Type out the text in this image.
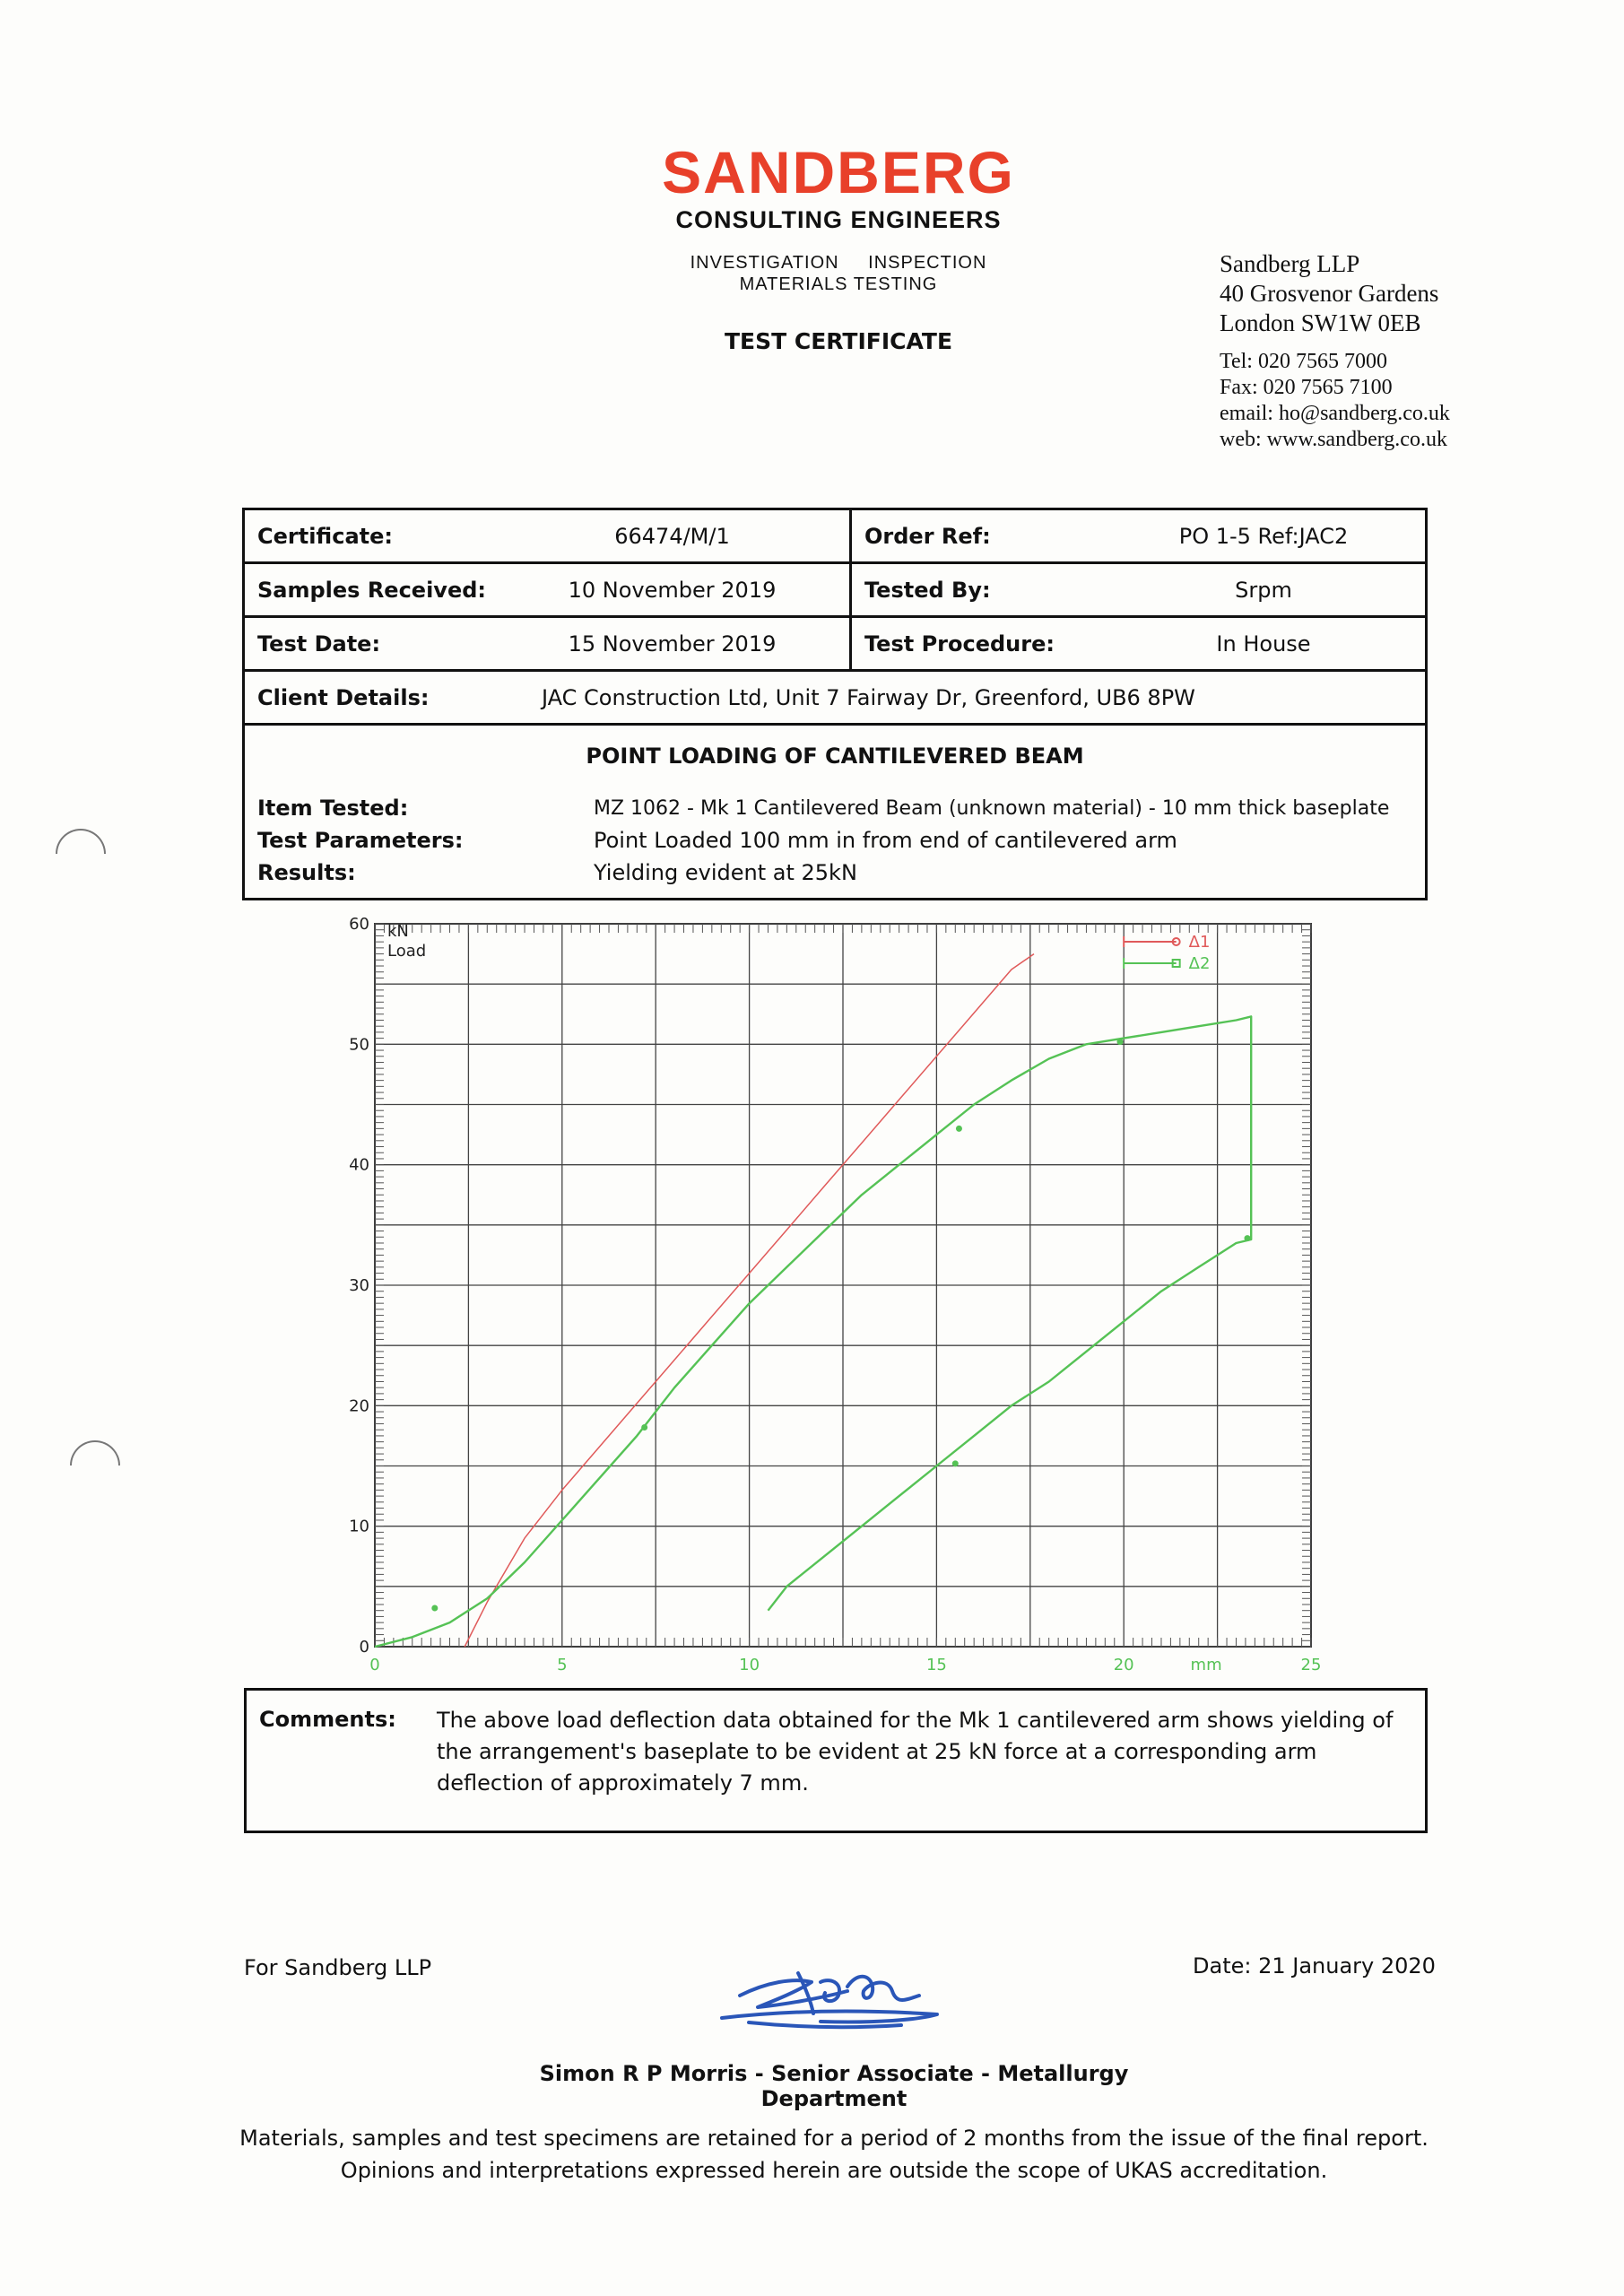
SANDBERG
CONSULTING ENGINEERS
INVESTIGATION INSPECTION
MATERIALS TESTING
TEST CERTIFICATE
Sandberg LLP
40 Grosvenor Gardens
London SW1W 0EB
Tel: 020 7565 7000
Fax: 020 7565 7100
email: ho@sandberg.co.uk
web: www.sandberg.co.uk
Certificate:	66474/M/1	Order Ref:	PO 1-5 Ref:JAC2
Samples Received:	10 November 2019	Tested By:	Srpm
Test Date:	15 November 2019	Test Procedure:	In House
Client Details:	JAC Construction Ltd, Unit 7 Fairway Dr, Greenford, UB6 8PW
POINT LOADING OF CANTILEVERED BEAM
Item Tested:	MZ 1062 - Mk 1 Cantilevered Beam (unknown material) - 10 mm thick baseplate
Test Parameters:	Point Loaded 100 mm in from end of cantilevered arm
Results:	Yielding evident at 25kN
0	5	10	15	20	25
0
10
20
30
40
50
60
mm
kN
Load	Δ1
Δ2
Comments: The above load deflection data obtained for the Mk 1 cantilevered arm shows yielding of the arrangement's baseplate to be evident at 25 kN force at a corresponding arm deflection of approximately 7 mm.
For Sandberg LLP	Date: 21 January 2020
Simon R P Morris - Senior Associate - Metallurgy Department
Materials, samples and test specimens are retained for a period of 2 months from the issue of the final report.
Opinions and interpretations expressed herein are outside the scope of UKAS accreditation.
